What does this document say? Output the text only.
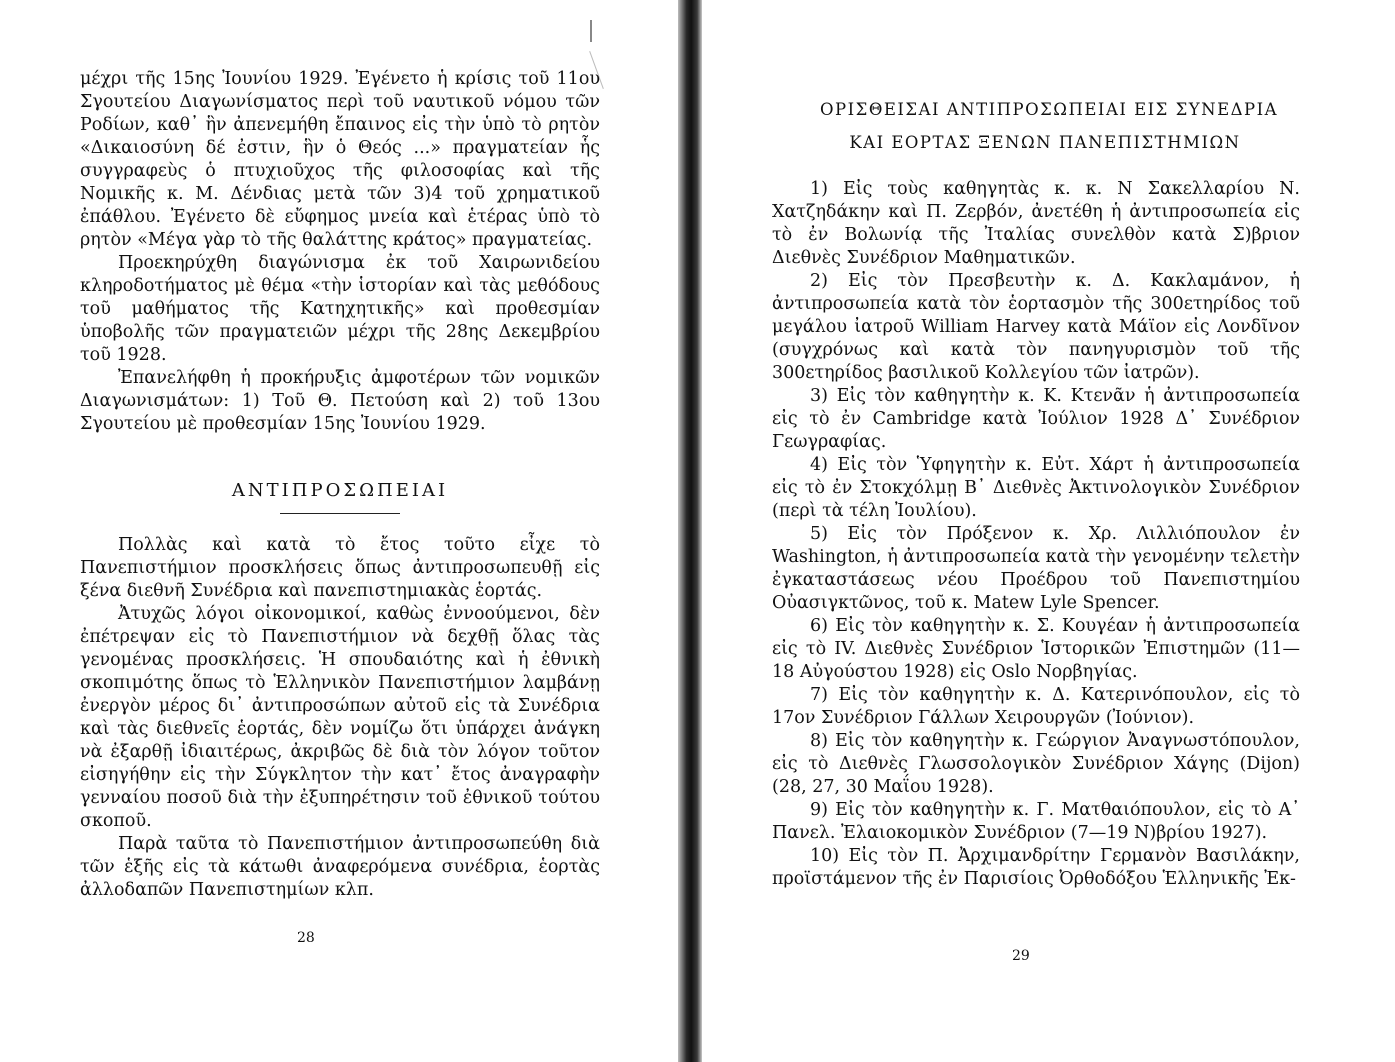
μέχρι τῆς 15ης Ἰουνίου 1929. Ἐγένετο ἡ κρίσις τοῦ 11ου Σγουτείου Διαγωνίσματος περὶ τοῦ ναυτικοῦ νόμου τῶν Ροδίων, καθ᾿ ἣν ἀπενεμήθη ἔπαινος εἰς τὴν ὑπὸ τὸ ρητὸν «Δικαιοσύνη δέ ἐστιν, ἣν ὁ Θεός ...» πραγματείαν ἧς συγγραφεὺς ὁ πτυχιοῦχος τῆς φιλοσοφίας καὶ τῆς Νομικῆς κ. Μ. Δένδιας μετὰ τῶν 3)4 τοῦ χρηματικοῦ ἐπάθλου. Ἐγένετο δὲ εὔφημος μνεία καὶ ἑτέρας ὑπὸ τὸ ρητὸν «Μέγα γὰρ τὸ τῆς θαλάττης κράτος» πραγματείας.

Προεκηρύχθη διαγώνισμα ἐκ τοῦ Χαιρωνιδείου κληροδοτήματος μὲ θέμα «τὴν ἱστορίαν καὶ τὰς μεθόδους τοῦ μαθήματος τῆς Κατηχητικῆς» καὶ προθεσμίαν ὑποβολῆς τῶν πραγματειῶν μέχρι τῆς 28ης Δεκεμβρίου τοῦ 1928.

Ἐπανελήφθη ἡ προκήρυξις ἀμφοτέρων τῶν νομικῶν Διαγωνισμάτων: 1) Τοῦ Θ. Πετούση καὶ 2) τοῦ 13ου Σγουτείου μὲ προθεσμίαν 15ης Ἰουνίου 1929.

ΑΝΤΙΠΡΟΣΩΠΕΙΑΙ

Πολλὰς καὶ κατὰ τὸ ἔτος τοῦτο εἶχε τὸ Πανεπιστήμιον προσκλήσεις ὅπως ἀντιπροσωπευθῇ εἰς ξένα διεθνῆ Συνέδρια καὶ πανεπιστημιακὰς ἑορτάς.

Ἀτυχῶς λόγοι οἰκονομικοί, καθὼς ἐννοούμενοι, δὲν ἐπέτρεψαν εἰς τὸ Πανεπιστήμιον νὰ δεχθῇ ὅλας τὰς γενομένας προσκλήσεις. Ἡ σπουδαιότης καὶ ἡ ἐθνικὴ σκοπιμότης ὅπως τὸ Ἑλληνικὸν Πανεπιστήμιον λαμβάνῃ ἐνεργὸν μέρος δι᾿ ἀντιπροσώπων αὐτοῦ εἰς τὰ Συνέδρια καὶ τὰς διεθνεῖς ἑορτάς, δὲν νομίζω ὅτι ὑπάρχει ἀνάγκη νὰ ἐξαρθῇ ἰδιαιτέρως, ἀκριβῶς δὲ διὰ τὸν λόγον τοῦτον εἰσηγήθην εἰς τὴν Σύγκλητον τὴν κατ᾿ ἔτος ἀναγραφὴν γενναίου ποσοῦ διὰ τὴν ἐξυπηρέτησιν τοῦ ἐθνικοῦ τούτου σκοποῦ.

Παρὰ ταῦτα τὸ Πανεπιστήμιον ἀντιπροσωπεύθη διὰ τῶν ἑξῆς εἰς τὰ κάτωθι ἀναφερόμενα συνέδρια, ἑορτὰς ἀλλοδαπῶν Πανεπιστημίων κλπ.

28
ΟΡΙΣΘΕΙΣΑΙ ΑΝΤΙΠΡΟΣΩΠΕΙΑΙ ΕΙΣ ΣΥΝΕΔΡΙΑ
ΚΑΙ ΕΟΡΤΑΣ ΞΕΝΩΝ ΠΑΝΕΠΙΣΤΗΜΙΩΝ

1) Εἰς τοὺς καθηγητὰς κ. κ. Ν Σακελλαρίου Ν. Χατζηδάκην καὶ Π. Ζερβόν, ἀνετέθη ἡ ἀντιπροσωπεία εἰς τὸ ἐν Βολωνίᾳ τῆς Ἰταλίας συνελθὸν κατὰ Σ)βριον Διεθνὲς Συνέδριον Μαθηματικῶν.

2) Εἰς τὸν Πρεσβευτὴν κ. Δ. Κακλαμάνον, ἡ ἀντιπροσωπεία κατὰ τὸν ἑορτασμὸν τῆς 300ετηρίδος τοῦ μεγάλου ἰατροῦ William Harvey κατὰ Μάϊον εἰς Λονδῖνον (συγχρόνως καὶ κατὰ τὸν πανηγυρισμὸν τοῦ τῆς 300ετηρίδος βασιλικοῦ Κολλεγίου τῶν ἰατρῶν).

3) Εἰς τὸν καθηγητὴν κ. Κ. Κτενᾶν ἡ ἀντιπροσωπεία εἰς τὸ ἐν Cambridge κατὰ Ἰούλιον 1928 Δ᾿ Συνέδριον Γεωγραφίας.

4) Εἰς τὸν Ὑφηγητὴν κ. Εὐτ. Χάρτ ἡ ἀντιπροσωπεία εἰς τὸ ἐν Στοκχόλμῃ Β᾿ Διεθνὲς Ἀκτινολογικὸν Συνέδριον (περὶ τὰ τέλη Ἰουλίου).

5) Εἰς τὸν Πρόξενον κ. Χρ. Λιλλιόπουλον ἐν Washington, ἡ ἀντιπροσωπεία κατὰ τὴν γενομένην τελετὴν ἐγκαταστάσεως νέου Προέδρου τοῦ Πανεπιστημίου Οὐασιγκτῶνος, τοῦ κ. Matew Lyle Spencer.

6) Εἰς τὸν καθηγητὴν κ. Σ. Κουγέαν ἡ ἀντιπροσωπεία εἰς τὸ IV. Διεθνὲς Συνέδριον Ἱστορικῶν Ἐπιστημῶν (11—18 Αὐγούστου 1928) εἰς Oslo Νορβηγίας.

7) Εἰς τὸν καθηγητὴν κ. Δ. Κατερινόπουλον, εἰς τὸ 17ον Συνέδριον Γάλλων Χειρουργῶν (Ἰούνιον).

8) Εἰς τὸν καθηγητὴν κ. Γεώργιον Ἀναγνωστόπουλον, εἰς τὸ Διεθνὲς Γλωσσολογικὸν Συνέδριον Χάγης (Dijon) (28, 27, 30 Μαΐου 1928).

9) Εἰς τὸν καθηγητὴν κ. Γ. Ματθαιόπουλον, εἰς τὸ Α᾿ Πανελ. Ἐλαιοκομικὸν Συνέδριον (7—19 Ν)βρίου 1927).

10) Εἰς τὸν Π. Ἀρχιμανδρίτην Γερμανὸν Βασιλάκην, προϊστάμενον τῆς ἐν Παρισίοις Ὀρθοδόξου Ἑλληνικῆς Ἐκ-

29
